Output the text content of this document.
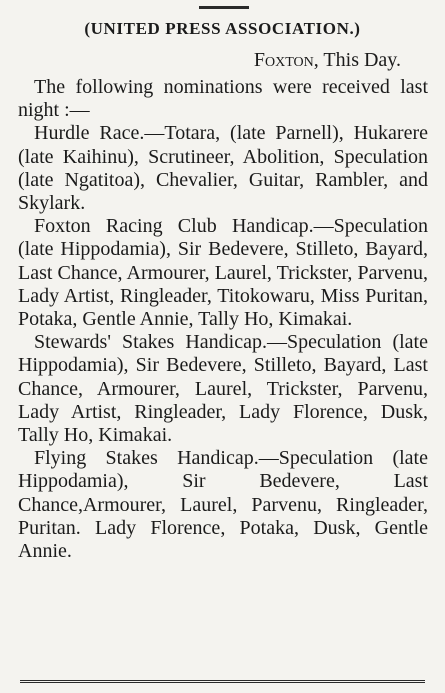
(UNITED PRESS ASSOCIATION.)
Foxton, This Day.

The following nominations were received last night :—

Hurdle Race.—Totara, (late Parnell), Hukarere (late Kaihinu), Scrutineer, Abolition, Speculation (late Ngatitoa), Chevalier, Guitar, Rambler, and Skylark.

Foxton Racing Club Handicap.—Speculation (late Hippodamia), Sir Bedevere, Stilleto, Bayard, Last Chance, Armourer, Laurel, Trickster, Parvenu, Lady Artist, Ringleader, Titokowaru, Miss Puritan, Potaka, Gentle Annie, Tally Ho, Kimakai.

Stewards' Stakes Handicap.—Speculation (late Hippodamia), Sir Bedevere, Stilleto, Bayard, Last Chance, Armourer, Laurel, Trickster, Parvenu, Lady Artist, Ringleader, Lady Florence, Dusk, Tally Ho, Kimakai.

Flying Stakes Handicap.—Speculation (late Hippodamia), Sir Bedevere, Last Chance,Armourer, Laurel, Parvenu, Ringleader, Puritan. Lady Florence, Potaka, Dusk, Gentle Annie.
